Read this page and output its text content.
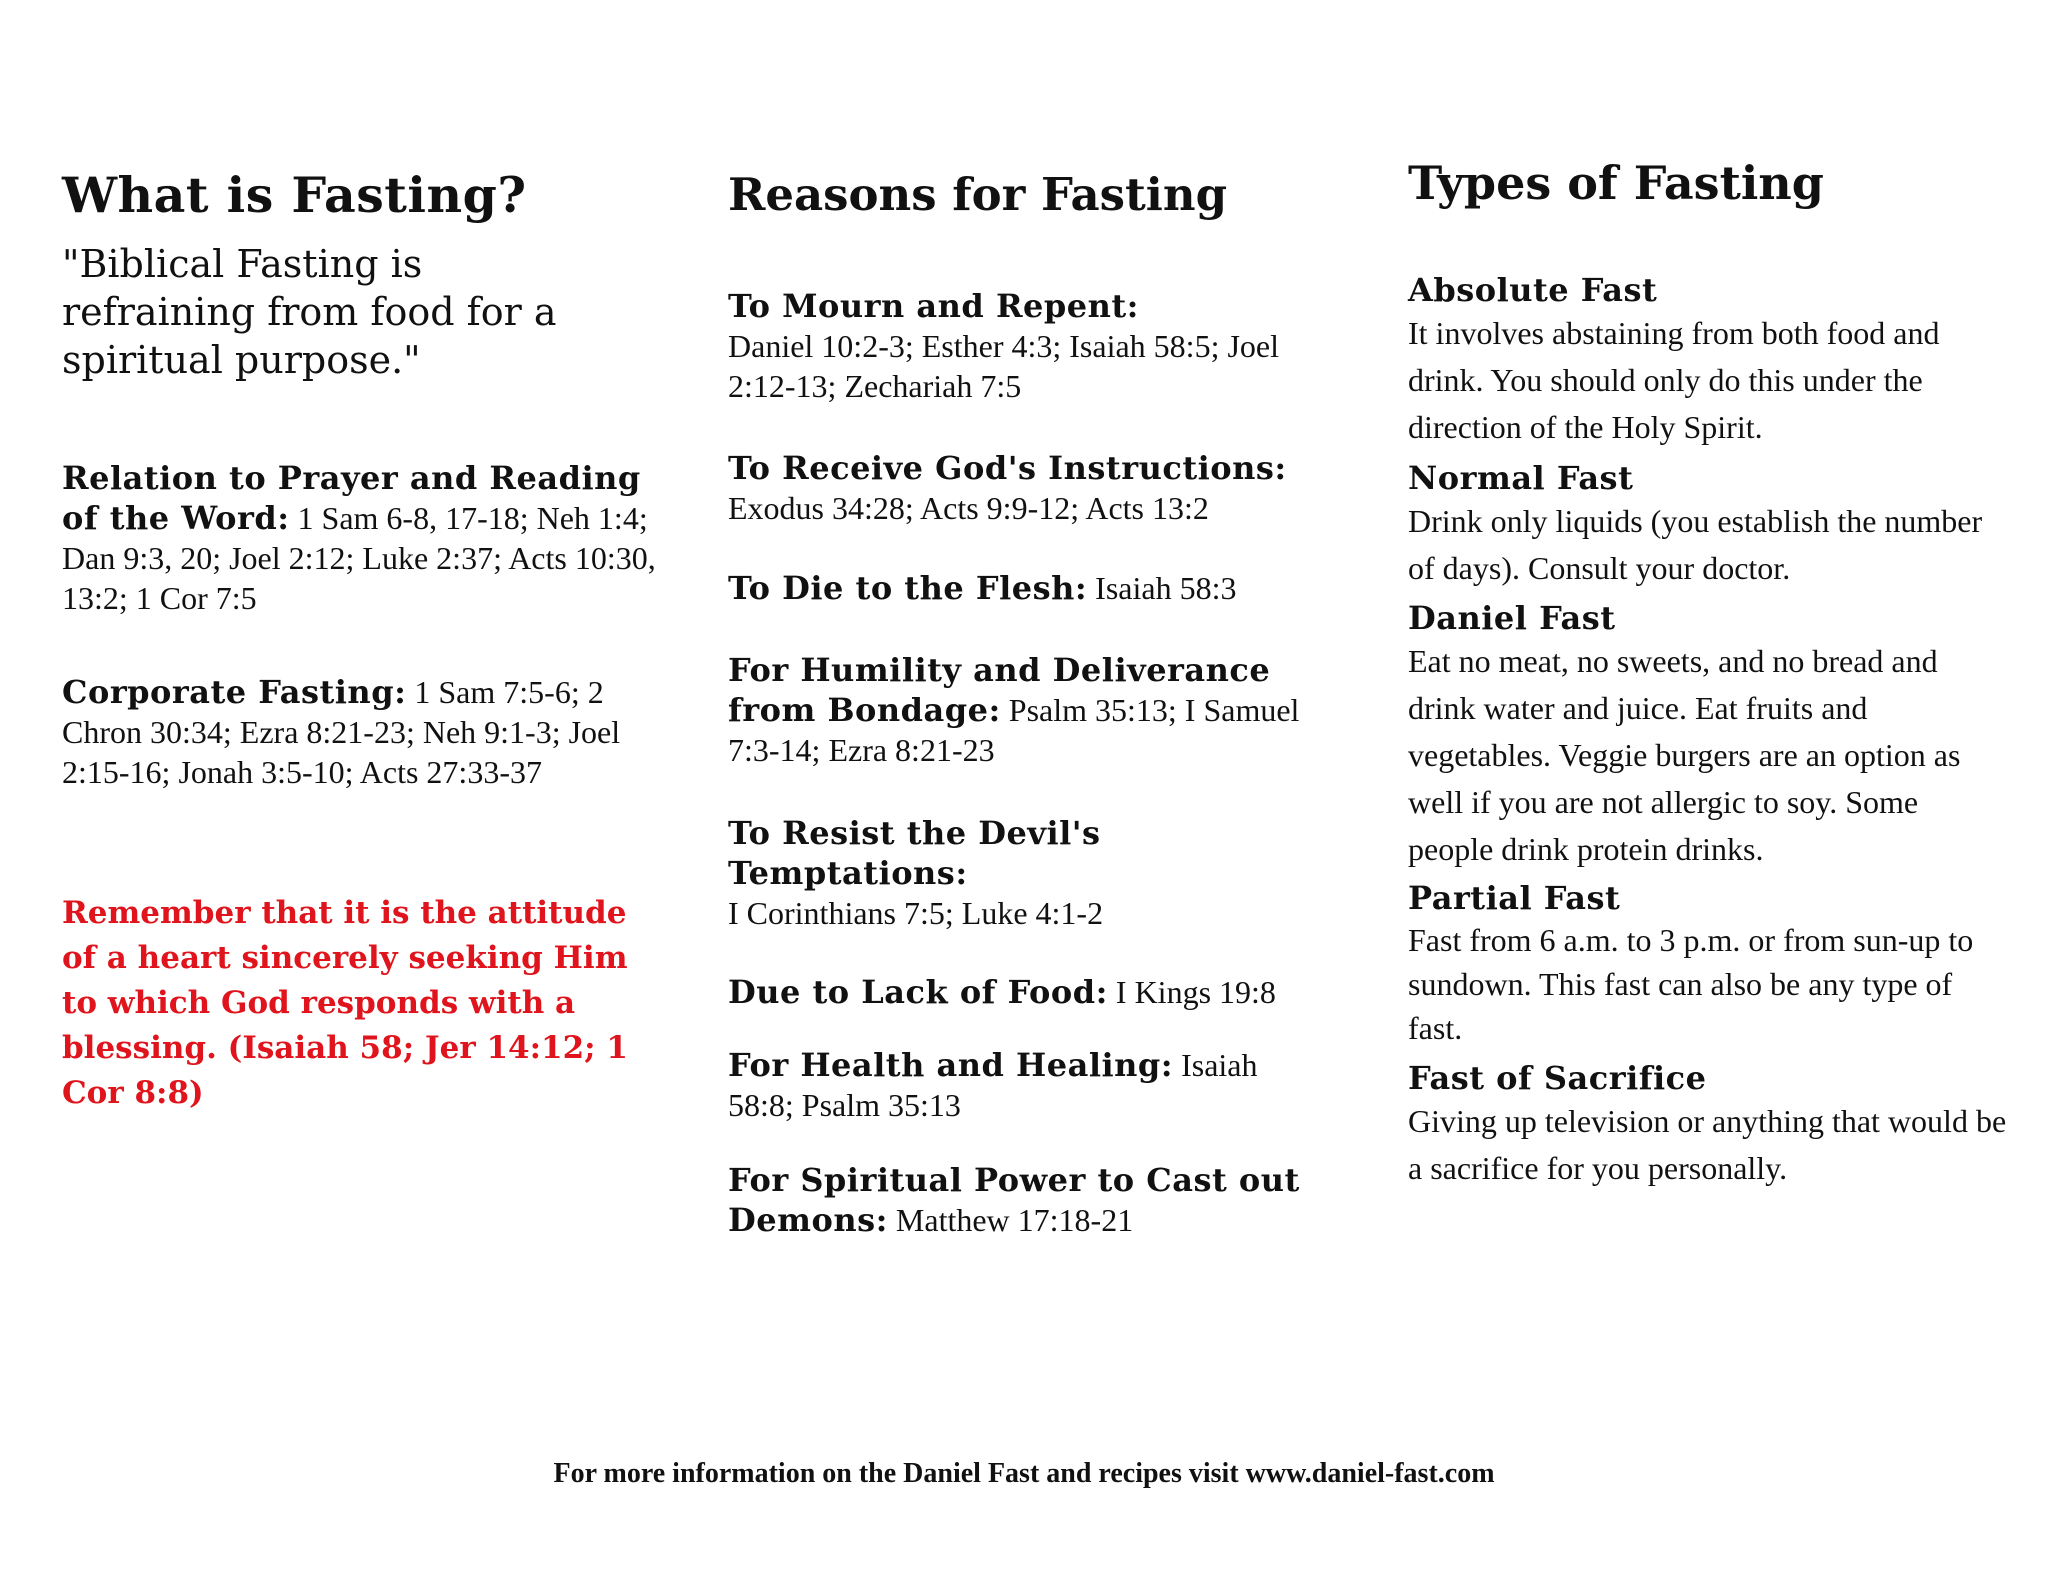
What is Fasting?
"Biblical Fasting is refraining from food for a spiritual purpose."
Relation to Prayer and Reading of the Word: 1 Sam 6-8, 17-18; Neh 1:4; Dan 9:3, 20; Joel 2:12; Luke 2:37; Acts 10:30, 13:2; 1 Cor 7:5
Corporate Fasting: 1 Sam 7:5-6; 2 Chron 30:34; Ezra 8:21-23; Neh 9:1-3; Joel 2:15-16; Jonah 3:5-10; Acts 27:33-37
Remember that it is the attitude of a heart sincerely seeking Him to which God responds with a blessing. (Isaiah 58; Jer 14:12; 1 Cor 8:8)
Reasons for Fasting
To Mourn and Repent:
Daniel 10:2-3; Esther 4:3; Isaiah 58:5; Joel 2:12-13; Zechariah 7:5
To Receive God's Instructions:
Exodus 34:28; Acts 9:9-12; Acts 13:2
To Die to the Flesh: Isaiah 58:3
For Humility and Deliverance from Bondage: Psalm 35:13; I Samuel 7:3-14; Ezra 8:21-23
To Resist the Devil's Temptations:
I Corinthians 7:5; Luke 4:1-2
Due to Lack of Food: I Kings 19:8
For Health and Healing: Isaiah 58:8; Psalm 35:13
For Spiritual Power to Cast out Demons: Matthew 17:18-21
Types of Fasting
Absolute Fast
It involves abstaining from both food and drink. You should only do this under the direction of the Holy Spirit.
Normal Fast
Drink only liquids (you establish the number of days). Consult your doctor.
Daniel Fast
Eat no meat, no sweets, and no bread and drink water and juice. Eat fruits and vegetables. Veggie burgers are an option as well if you are not allergic to soy. Some people drink protein drinks.
Partial Fast
Fast from 6 a.m. to 3 p.m. or from sun-up to sundown. This fast can also be any type of fast.
Fast of Sacrifice
Giving up television or anything that would be a sacrifice for you personally.
For more information on the Daniel Fast and recipes visit www.daniel-fast.com
